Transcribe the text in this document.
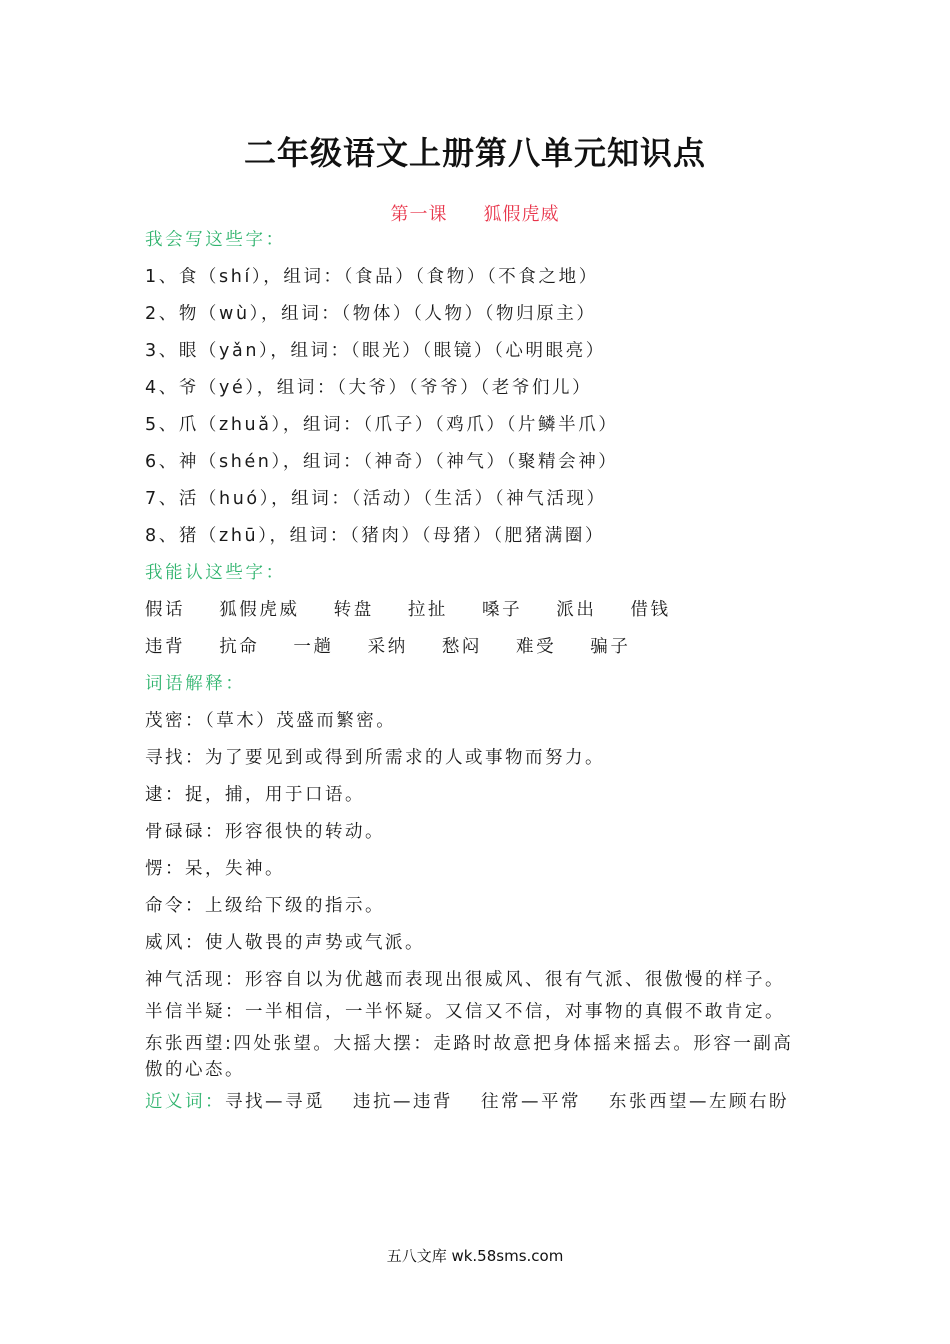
二年级语文上册第八单元知识点
第一课 狐假虎威
我会写这些字：
1、食（shí），组词：（食品）（食物）（不食之地）
2、物（wù），组词：（物体）（人物）（物归原主）
3、眼（yǎn），组词：（眼光）（眼镜）（心明眼亮）
4、爷（yé），组词：（大爷）（爷爷）（老爷们儿）
5、爪（zhuǎ），组词：（爪子）（鸡爪）（片鳞半爪）
6、神（shén），组词：（神奇）（神气）（聚精会神）
7、活（huó），组词：（活动）（生活）（神气活现）
8、猪（zhū），组词：（猪肉）（母猪）（肥猪满圈）
我能认这些字：
假话 狐假虎威 转盘 拉扯 嗓子 派出 借钱
违背 抗命 一趟 采纳 愁闷 难受 骗子
词语解释：
茂密：（草木）茂盛而繁密。
寻找：为了要见到或得到所需求的人或事物而努力。
逮：捉，捕，用于口语。
骨碌碌：形容很快的转动。
愣：呆，失神。
命令：上级给下级的指示。
威风：使人敬畏的声势或气派。
神气活现：形容自以为优越而表现出很威风、很有气派、很傲慢的样子。
半信半疑：一半相信，一半怀疑。又信又不信，对事物的真假不敢肯定。
东张西望:四处张望。大摇大摆：走路时故意把身体摇来摇去。形容一副高傲的心态。
近义词：寻找—寻觅 违抗—违背 往常—平常 东张西望—左顾右盼
五八文库 wk.58sms.com
